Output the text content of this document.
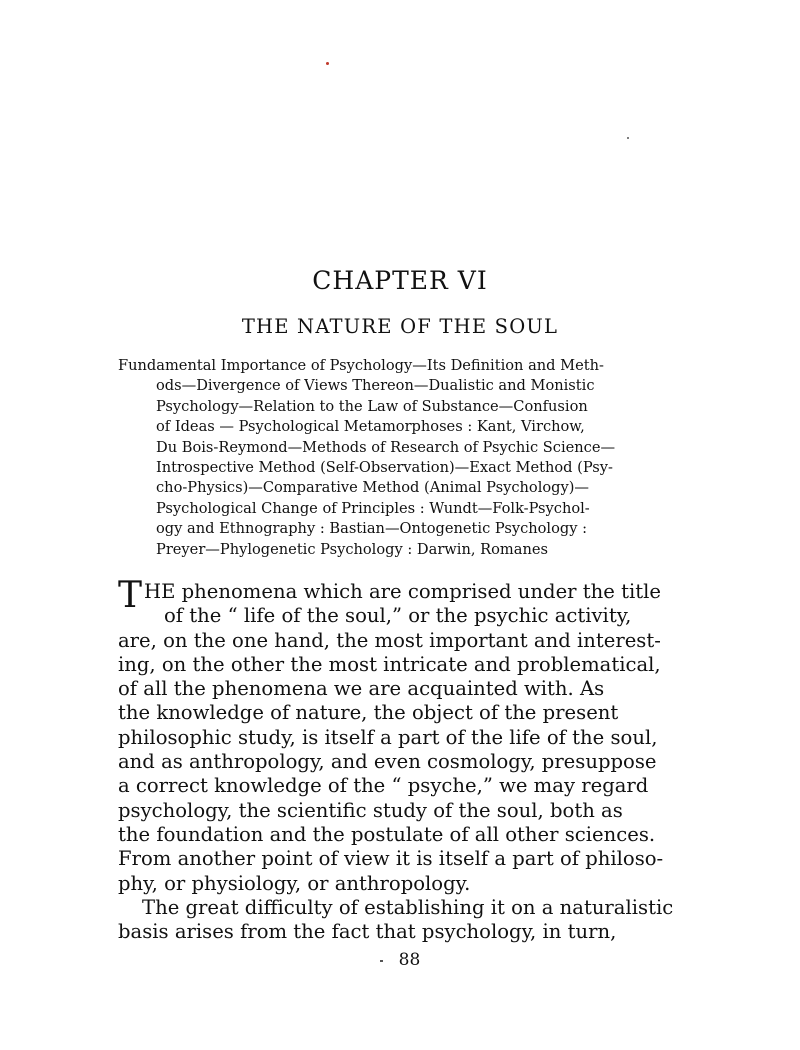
CHAPTER VI
THE NATURE OF THE SOUL
Fundamental Importance of Psychology—Its Definition and Meth-
ods—Divergence of Views Thereon—Dualistic and Monistic
Psychology—Relation to the Law of Substance—Confusion
of Ideas — Psychological Metamorphoses : Kant, Virchow,
Du Bois-Reymond—Methods of Research of Psychic Science—
Introspective Method (Self-Observation)—Exact Method (Psy-
cho-Physics)—Comparative Method (Animal Psychology)—
Psychological Change of Principles : Wundt—Folk-Psychol-
ogy and Ethnography : Bastian—Ontogenetic Psychology :
Preyer—Phylogenetic Psychology : Darwin, Romanes
THE phenomena which are comprised under the title
of the “ life of the soul,” or the psychic activity,
are, on the one hand, the most important and interest-
ing, on the other the most intricate and problematical,
of all the phenomena we are acquainted with. As
the knowledge of nature, the object of the present
philosophic study, is itself a part of the life of the soul,
and as anthropology, and even cosmology, presuppose
a correct knowledge of the “ psyche,” we may regard
psychology, the scientific study of the soul, both as
the foundation and the postulate of all other sciences.
From another point of view it is itself a part of philoso-
phy, or physiology, or anthropology.
The great difficulty of establishing it on a naturalistic
basis arises from the fact that psychology, in turn,
88
